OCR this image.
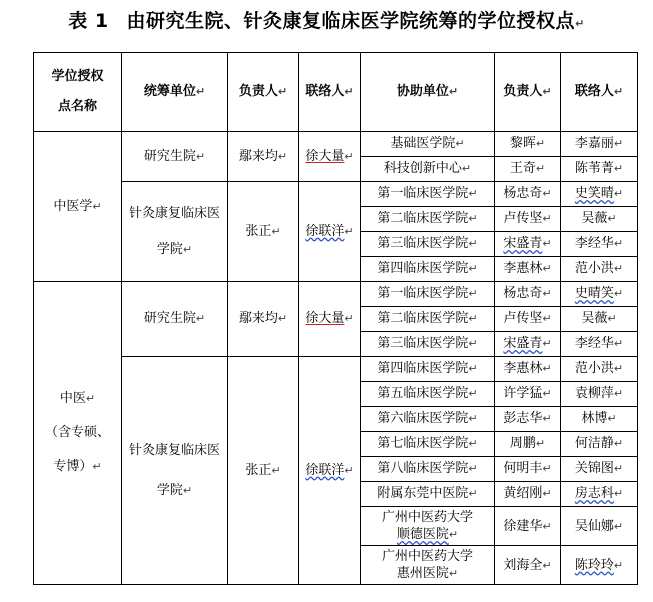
表 1 由研究生院、针灸康复临床医学院统筹的学位授权点↵
学位授权点名称	统筹单位↵	负责人↵	联络人↵	协助单位↵	负责人↵	联络人↵
中医学↵	研究生院↵	鄢来均↵	徐大量↵	基础医学院↵	黎晖↵	李嘉丽↵
				科技创新中心↵	王奇↵	陈苇菁↵
	针灸康复临床医学院↵	张正↵	徐联洋↵	第一临床医学院↵	杨忠奇↵	史笑晴↵
				第二临床医学院↵	卢传坚↵	吴薇↵
				第三临床医学院↵	宋盛青↵	李经华↵
				第四临床医学院↵	李惠林↵	范小洪↵
中医↵
（含专硕、
专博）↵	研究生院↵	鄢来均↵	徐大量↵	第一临床医学院↵	杨忠奇↵	史晴笑↵
				第二临床医学院↵	卢传坚↵	吴薇↵
				第三临床医学院↵	宋盛青↵	李经华↵
	针灸康复临床医学院↵	张正↵	徐联洋↵	第四临床医学院↵	李惠林↵	范小洪↵
				第五临床医学院↵	许学猛↵	袁柳萍↵
				第六临床医学院↵	彭志华↵	林博↵
				第七临床医学院↵	周鹏↵	何洁静↵
				第八临床医学院↵	何明丰↵	关锦图↵
				附属东莞中医院↵	黄绍刚↵	房志科↵
				广州中医药大学
顺德医院↵	徐建华↵	吴仙娜↵
				广州中医药大学
惠州医院↵	刘海全↵	陈玲玲↵
